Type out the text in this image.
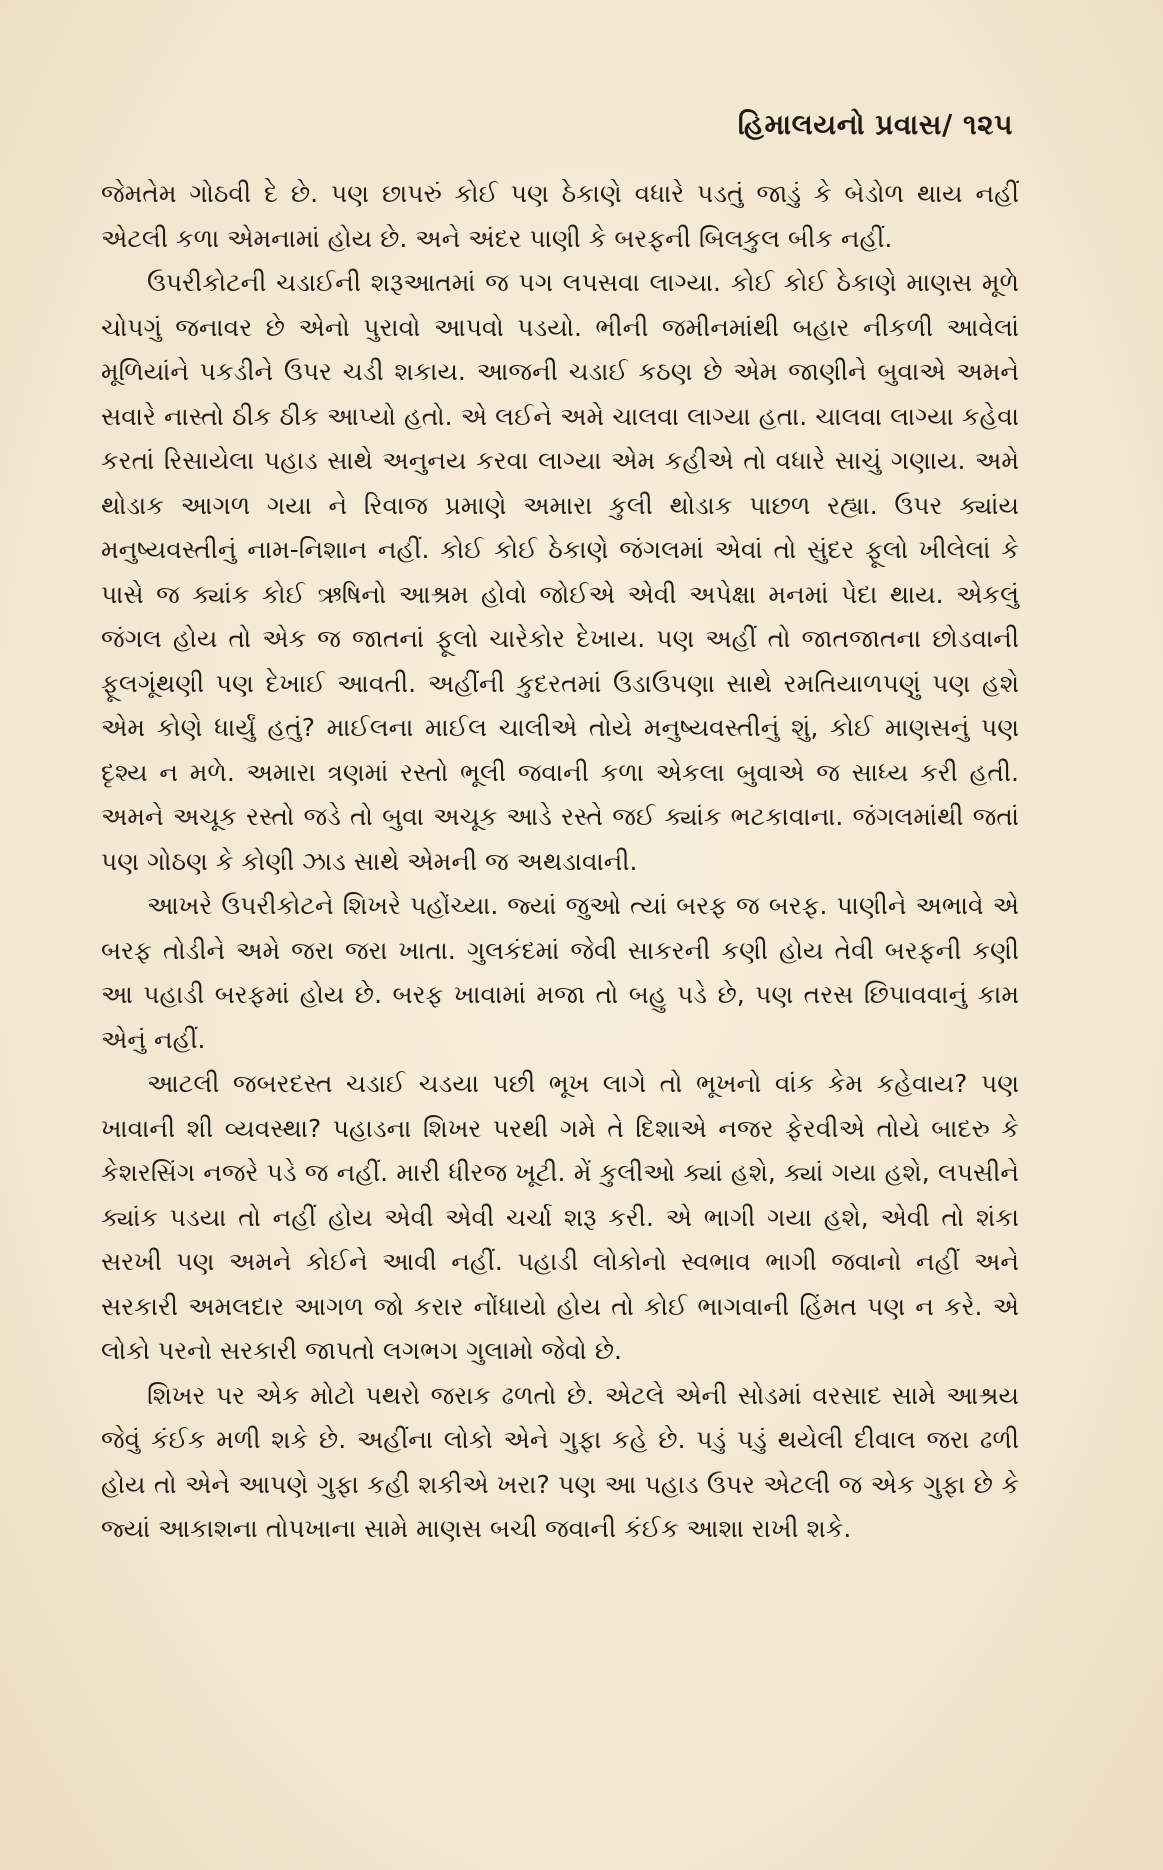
હિમાલયનો પ્રવાસ/ ૧૨૫

જેમતેમ ગોઠવી દે છે. પણ છાપરું કોઈ પણ ઠેકાણે વધારે પડતું જાડું કે બેડોળ થાય નહીં એટલી કળા એમનામાં હોય છે. અને અંદર પાણી કે બરફની બિલકુલ બીક નહીં.

ઉપરીકોટની ચડાઈની શરૂઆતમાં જ પગ લપસવા લાગ્યા. કોઈ કોઈ ઠેકાણે માણસ મૂળે ચોપગું જનાવર છે એનો પુરાવો આપવો પડયો. ભીની જમીનમાંથી બહાર નીકળી આવેલાં મૂળિયાંને પકડીને ઉપર ચડી શકાય. આજની ચડાઈ કઠણ છે એમ જાણીને બુવાએ અમને સવારે નાસ્તો ઠીક ઠીક આપ્યો હતો. એ લઈને અમે ચાલવા લાગ્યા હતા. ચાલવા લાગ્યા કહેવા કરતાં રિસાયેલા પહાડ સાથે અનુનય કરવા લાગ્યા એમ કહીએ તો વધારે સાચું ગણાય. અમે થોડાક આગળ ગયા ને રિવાજ પ્રમાણે અમારા કુલી થોડાક પાછળ રહ્યા. ઉપર ક્યાંય મનુષ્યવસ્તીનું નામ-નિશાન નહીં. કોઈ કોઈ ઠેકાણે જંગલમાં એવાં તો સુંદર ફૂલો ખીલેલાં કે પાસે જ ક્યાંક કોઈ ઋષિનો આશ્રમ હોવો જોઈએ એવી અપેક્ષા મનમાં પેદા થાય. એકલું જંગલ હોય તો એક જ જાતનાં ફૂલો ચારેકોર દેખાય. પણ અહીં તો જાતજાતના છોડવાની ફૂલગૂંથણી પણ દેખાઈ આવતી. અહીંની કુદરતમાં ઉડાઉપણા સાથે રમતિયાળપણું પણ હશે એમ કોણે ધાર્યું હતું? માઈલના માઈલ ચાલીએ તોયે મનુષ્યવસ્તીનું શું, કોઈ માણસનું પણ દૃશ્ય ન મળે. અમારા ત્રણમાં રસ્તો ભૂલી જવાની કળા એકલા બુવાએ જ સાધ્ય કરી હતી. અમને અચૂક રસ્તો જડે તો બુવા અચૂક આડે રસ્તે જઈ ક્યાંક ભટકાવાના. જંગલમાંથી જતાં પણ ગોઠણ કે કોણી ઝાડ સાથે એમની જ અથડાવાની.

આખરે ઉપરીકોટને શિખરે પહોંચ્યા. જ્યાં જુઓ ત્યાં બરફ જ બરફ. પાણીને અભાવે એ બરફ તોડીને અમે જરા જરા ખાતા. ગુલકંદમાં જેવી સાકરની કણી હોય તેવી બરફની કણી આ પહાડી બરફમાં હોય છે. બરફ ખાવામાં મજા તો બહુ પડે છે, પણ તરસ છિપાવવાનું કામ એનું નહીં.

આટલી જબરદસ્ત ચડાઈ ચડયા પછી ભૂખ લાગે તો ભૂખનો વાંક કેમ કહેવાય? પણ ખાવાની શી વ્યવસ્થા? પહાડના શિખર પરથી ગમે તે દિશાએ નજર ફેરવીએ તોયે બાદરુ કે કેશરસિંગ નજરે પડે જ નહીં. મારી ધીરજ ખૂટી. મેં કુલીઓ ક્યાં હશે, ક્યાં ગયા હશે, લપસીને ક્યાંક પડયા તો નહીં હોય એવી એવી ચર્ચા શરૂ કરી. એ ભાગી ગયા હશે, એવી તો શંકા સરખી પણ અમને કોઈને આવી નહીં. પહાડી લોકોનો સ્વભાવ ભાગી જવાનો નહીં અને સરકારી અમલદાર આગળ જો કરાર નોંધાયો હોય તો કોઈ ભાગવાની હિંમત પણ ન કરે. એ લોકો પરનો સરકારી જાપતો લગભગ ગુલામો જેવો છે.

શિખર પર એક મોટો પથરો જરાક ઢળતો છે. એટલે એની સોડમાં વરસાદ સામે આશ્રય જેવું કંઈક મળી શકે છે. અહીંના લોકો એને ગુફા કહે છે. પડું પડું થયેલી દીવાલ જરા ઢળી હોય તો એને આપણે ગુફા કહી શકીએ ખરા? પણ આ પહાડ ઉપર એટલી જ એક ગુફા છે કે જ્યાં આકાશના તોપખાના સામે માણસ બચી જવાની કંઈક આશા રાખી શકે.
